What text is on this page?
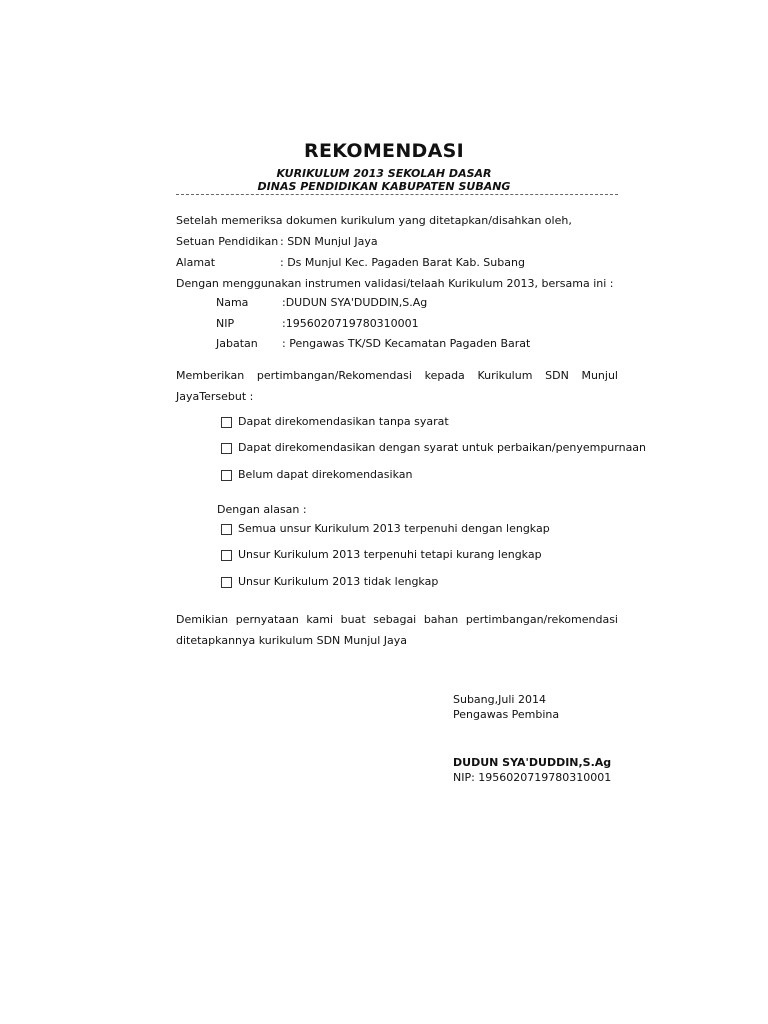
REKOMENDASI
KURIKULUM 2013 SEKOLAH DASAR
DINAS PENDIDIKAN KABUPATEN SUBANG
Setelah memeriksa dokumen kurikulum yang ditetapkan/disahkan oleh,
Setuan Pendidikan : SDN Munjul Jaya
Alamat	: Ds Munjul Kec. Pagaden Barat Kab. Subang
Dengan menggunakan instrumen validasi/telaah Kurikulum 2013, bersama ini :
Nama	:DUDUN SYA'DUDDIN,S.Ag
NIP	:195602071978031000‌1
Jabatan : Pengawas TK/SD Kecamatan Pagaden Barat
Memberikan pertimbangan/Rekomendasi kepada Kurikulum SDN Munjul
JayaTersebut :
Dapat direkomendasikan tanpa syarat
Dapat direkomendasikan dengan syarat untuk perbaikan/penyempurnaan
Belum dapat direkomendasikan
Dengan alasan :
Semua unsur Kurikulum 2013 terpenuhi dengan lengkap
Unsur Kurikulum 2013 terpenuhi tetapi kurang lengkap
Unsur Kurikulum 2013 tidak lengkap
Demikian pernyataan kami buat sebagai bahan pertimbangan/rekomendasi
ditetapkannya kurikulum SDN Munjul Jaya
Subang,Juli 2014
Pengawas Pembina
DUDUN SYA'DUDDIN,S.Ag
NIP: 195602071978031000‌1
